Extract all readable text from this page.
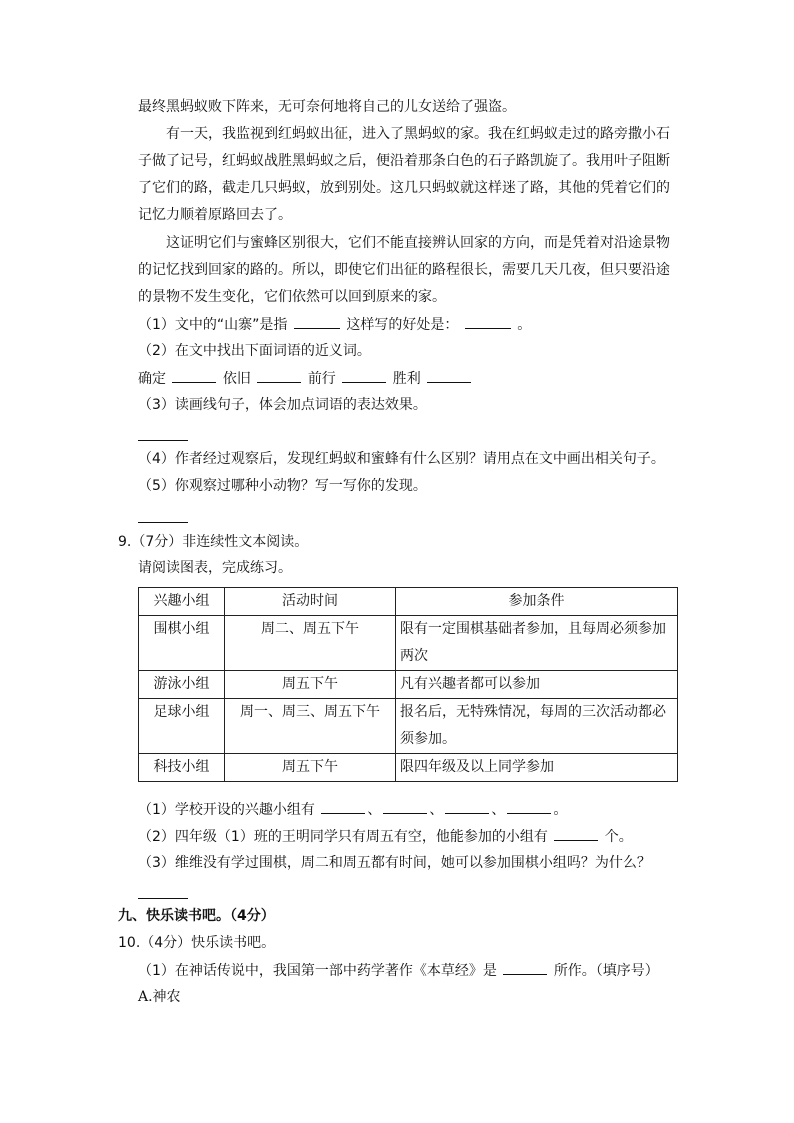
最终黑蚂蚁败下阵来，无可奈何地将自己的儿女送给了强盗。
有一天，我监视到红蚂蚁出征，进入了黑蚂蚁的家。我在红蚂蚁走过的路旁撒小石
子做了记号，红蚂蚁战胜黑蚂蚁之后，便沿着那条白色的石子路凯旋了。我用叶子阻断
了它们的路，截走几只蚂蚁，放到别处。这几只蚂蚁就这样迷了路，其他的凭着它们的
记忆力顺着原路回去了。
这证明它们与蜜蜂区别很大，它们不能直接辨认回家的方向，而是凭着对沿途景物
的记忆找到回家的路的。所以，即使它们出征的路程很长，需要几天几夜，但只要沿途
的景物不发生变化，它们依然可以回到原来的家。
（1）文中的“山寨”是指	这样写的好处是：	。
（2）在文中找出下面词语的近义词。
确定	依旧	前行	胜利
（3）读画线句子，体会加点词语的表达效果。
（4）作者经过观察后，发现红蚂蚁和蜜蜂有什么区别？请用点在文中画出相关句子。
（5）你观察过哪种小动物？写一写你的发现。
9.（7分）非连续性文本阅读。
请阅读图表，完成练习。
兴趣小组	活动时间	参加条件
围棋小组	周二、周五下午	限有一定围棋基础者参加，且每周必须参加
两次

游泳小组	周五下午	凡有兴趣者都可以参加
足球小组	周一、周三、周五下午	报名后，无特殊情况，每周的三次活动都必
须参加。

科技小组	周五下午	限四年级及以上同学参加
（1）学校开设的兴趣小组有	、	、	、	。
（2）四年级（1）班的王明同学只有周五有空，他能参加的小组有	个。
（3）维维没有学过围棋，周二和周五都有时间，她可以参加围棋小组吗？为什么？
九、快乐读书吧。（4分）
10.（4分）快乐读书吧。
（1）在神话传说中，我国第一部中药学著作《本草经》是	所作。（填序号）
A.神农
